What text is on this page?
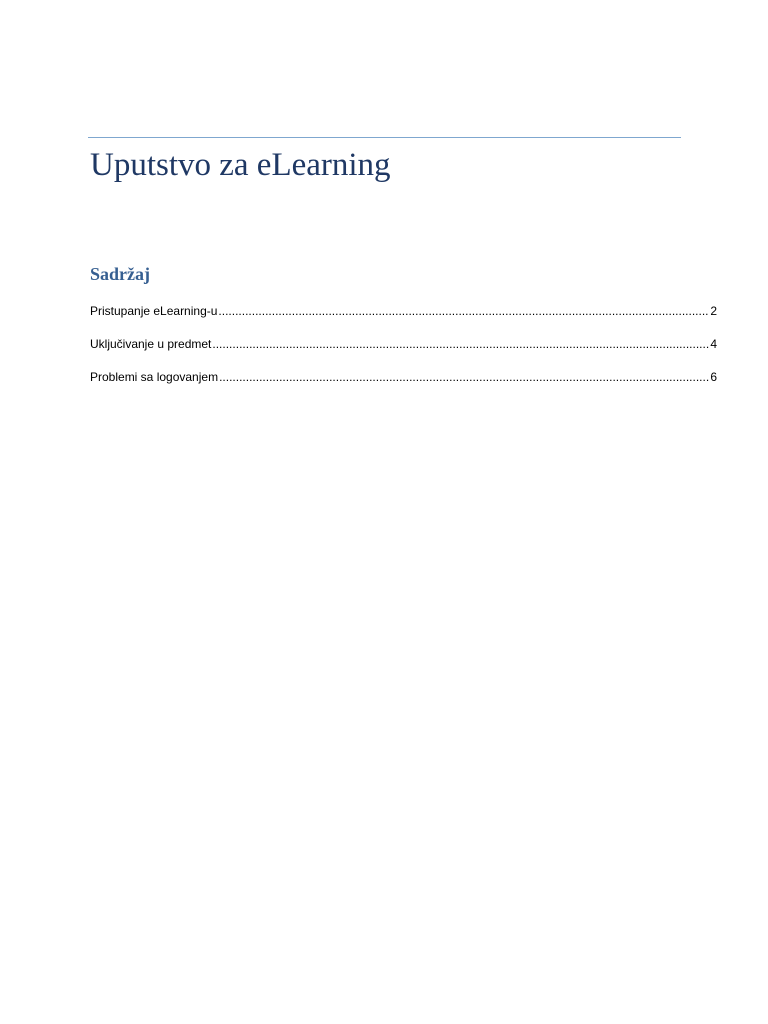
Uputstvo za eLearning
Sadržaj
Pristupanje eLearning-u .....	2
Uključivanje u predmet .....	4
Problemi sa logovanjem .....	6
